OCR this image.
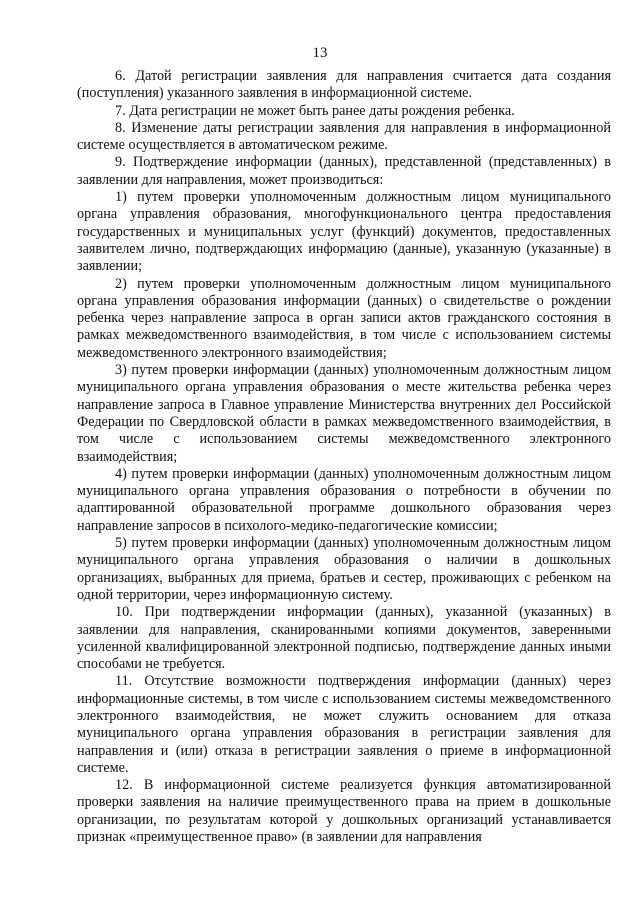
13

6. Датой регистрации заявления для направления считается дата создания (поступления) указанного заявления в информационной системе.

7. Дата регистрации не может быть ранее даты рождения ребенка.

8. Изменение даты регистрации заявления для направления в информационной системе осуществляется в автоматическом режиме.

9. Подтверждение информации (данных), представленной (представленных) в заявлении для направления, может производиться:

1) путем проверки уполномоченным должностным лицом муниципального органа управления образования, многофункционального центра предоставления государственных и муниципальных услуг (функций) документов, предоставленных заявителем лично, подтверждающих информацию (данные), указанную (указанные) в заявлении;

2) путем проверки уполномоченным должностным лицом муниципального органа управления образования информации (данных) о свидетельстве о рождении ребенка через направление запроса в орган записи актов гражданского состояния в рамках межведомственного взаимодействия, в том числе с использованием системы межведомственного электронного взаимодействия;

3) путем проверки информации (данных) уполномоченным должностным лицом муниципального органа управления образования о месте жительства ребенка через направление запроса в Главное управление Министерства внутренних дел Российской Федерации по Свердловской области в рамках межведомственного взаимодействия, в том числе с использованием системы межведомственного электронного взаимодействия;

4) путем проверки информации (данных) уполномоченным должностным лицом муниципального органа управления образования о потребности в обучении по адаптированной образовательной программе дошкольного образования через направление запросов в психолого-медико-педагогические комиссии;

5) путем проверки информации (данных) уполномоченным должностным лицом муниципального органа управления образования о наличии в дошкольных организациях, выбранных для приема, братьев и сестер, проживающих с ребенком на одной территории, через информационную систему.

10. При подтверждении информации (данных), указанной (указанных) в заявлении для направления, сканированными копиями документов, заверенными усиленной квалифицированной электронной подписью, подтверждение данных иными способами не требуется.

11. Отсутствие возможности подтверждения информации (данных) через информационные системы, в том числе с использованием системы межведомственного электронного взаимодействия, не может служить основанием для отказа муниципального органа управления образования в регистрации заявления для направления и (или) отказа в регистрации заявления о приеме в информационной системе.

12. В информационной системе реализуется функция автоматизированной проверки заявления на наличие преимущественного права на прием в дошкольные организации, по результатам которой у дошкольных организаций устанавливается признак «преимущественное право» (в заявлении для направления
